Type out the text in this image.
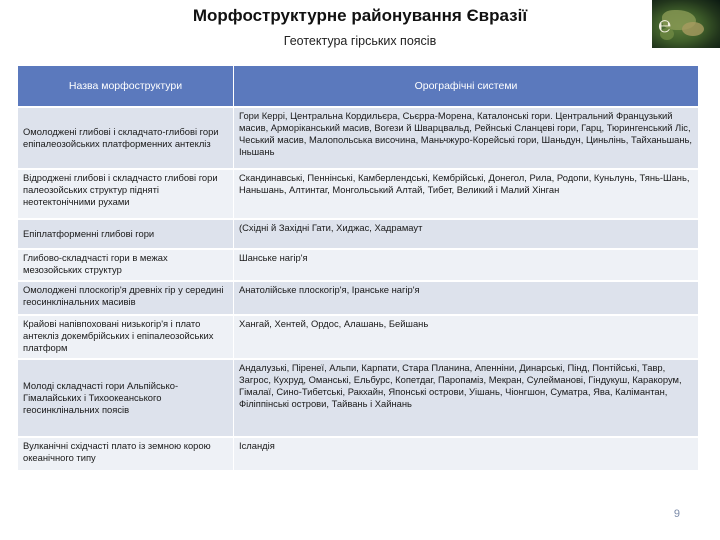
Морфоструктурне районування Євразії
Геотектура гірських поясів
℮
Назва морфоструктури	Орографічні системи
Омолоджені глибові і складчато-глибові гори епіпалеозойських платформенних антекліз	Гори Керрі, Центральна Кордильєра, Сьєрра-Морена, Каталонські гори. Центральний Французький масив, Арморіканський масив, Вогези й Шварцвальд, Рейнські Сланцеві гори, Гарц, Тюрингенський Ліс, Чеський масив, Малопольська височина, Маньчжуро-Корейські гори, Шаньдун, Циньлінь, Тайханьшань, Іньшань
Відроджені глибові і складчасто глибові гори палеозойських структур підняті неотектонічними рухами	Скандинавські, Пеннінські, Камберлендські, Кембрійські, Донегол, Рила, Родопи, Куньлунь, Тянь-Шань, Наньшань, Алтинтаг, Монгольський Алтай, Тибет, Великий і Малий Хінган
Епіплатформенні глибові гори	(Східні й Західні Гати, Хиджас, Хадрамаут
Глибово-складчасті гори в межах мезозойських структур	Шанське нагір'я
Омолоджені плоскогір'я древніх гір у середині геосинклінальних масивів	Анатолійське плоскогір'я, Іранське нагір'я
Крайові напівпоховані низькогір'я і плато антекліз докембрійських і епіпалеозойських платформ	Хангай, Хентей, Ордос, Алашань, Бейшань
Молоді складчасті гори Альпійсько-Гімалайських і Тихоокеанського геосинклінальних поясів	Андалузькі, Піренеї, Альпи, Карпати, Стара Планина, Апенніни, Динарські, Пінд, Понтійські, Тавр, Загрос, Кухруд, Оманські, Ельбурс, Копетдаг, Паропаміз, Мекран, Сулейманові, Гіндукуш, Каракорум, Гімалаї, Сино-Тибетські, Ракхайн, Японські острови, Уішань, Чіонгшон, Суматра, Ява, Калімантан, Філіппінські острови, Тайвань і Хайнань
Вулканічні східчасті плато із земною корою океанічного типу	Ісландія
9
